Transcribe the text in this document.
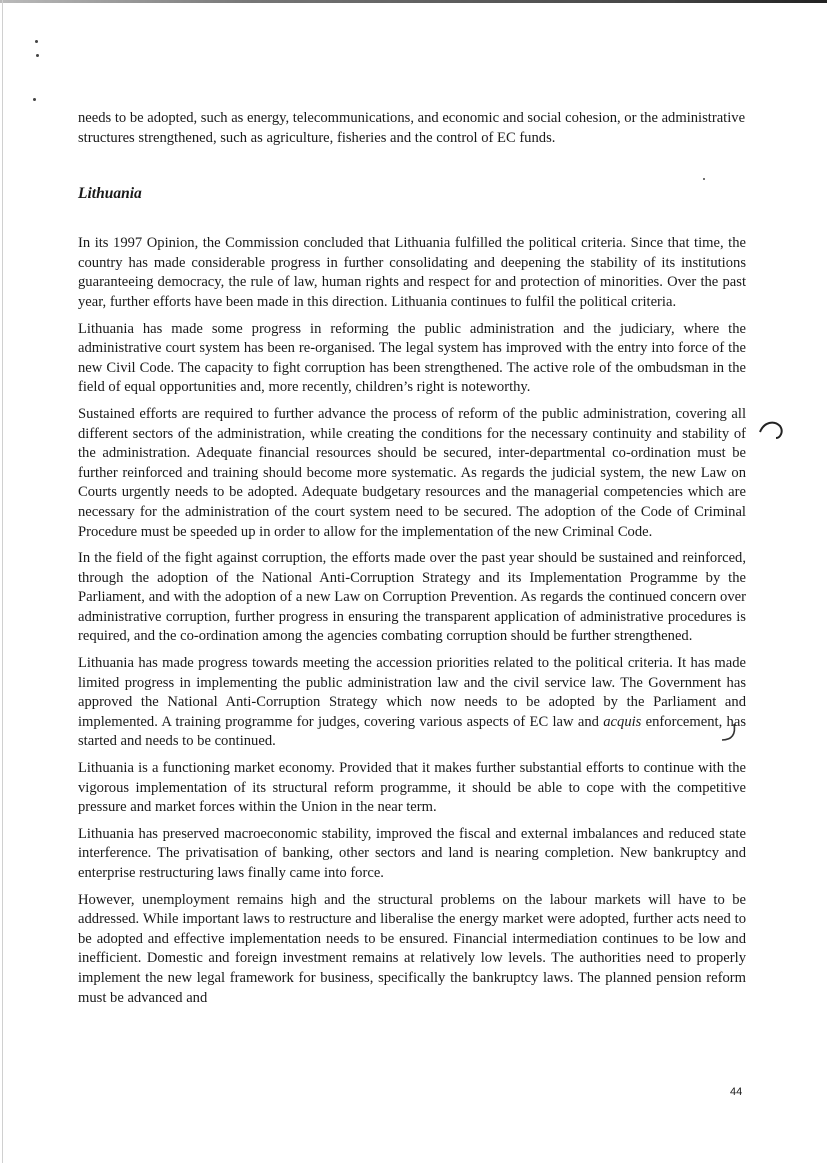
needs to be adopted, such as energy, telecommunications, and economic and social cohesion, or the administrative structures strengthened, such as agriculture, fisheries and the control of EC funds.

Lithuania

In its 1997 Opinion, the Commission concluded that Lithuania fulfilled the political criteria. Since that time, the country has made considerable progress in further consolidating and deepening the stability of its institutions guaranteeing democracy, the rule of law, human rights and respect for and protection of minorities. Over the past year, further efforts have been made in this direction. Lithuania continues to fulfil the political criteria.

Lithuania has made some progress in reforming the public administration and the judiciary, where the administrative court system has been re-organised. The legal system has improved with the entry into force of the new Civil Code. The capacity to fight corruption has been strengthened. The active role of the ombudsman in the field of equal opportunities and, more recently, children’s right is noteworthy.

Sustained efforts are required to further advance the process of reform of the public administration, covering all different sectors of the administration, while creating the conditions for the necessary continuity and stability of the administration. Adequate financial resources should be secured, inter-departmental co-ordination must be further reinforced and training should become more systematic. As regards the judicial system, the new Law on Courts urgently needs to be adopted. Adequate budgetary resources and the managerial competencies which are necessary for the administration of the court system need to be secured. The adoption of the Code of Criminal Procedure must be speeded up in order to allow for the implementation of the new Criminal Code.

In the field of the fight against corruption, the efforts made over the past year should be sustained and reinforced, through the adoption of the National Anti-Corruption Strategy and its Implementation Programme by the Parliament, and with the adoption of a new Law on Corruption Prevention. As regards the continued concern over administrative corruption, further progress in ensuring the transparent application of administrative procedures is required, and the co-ordination among the agencies combating corruption should be further strengthened.

Lithuania has made progress towards meeting the accession priorities related to the political criteria. It has made limited progress in implementing the public administration law and the civil service law. The Government has approved the National Anti-Corruption Strategy which now needs to be adopted by the Parliament and implemented. A training programme for judges, covering various aspects of EC law and acquis enforcement, has started and needs to be continued.

Lithuania is a functioning market economy. Provided that it makes further substantial efforts to continue with the vigorous implementation of its structural reform programme, it should be able to cope with the competitive pressure and market forces within the Union in the near term.

Lithuania has preserved macroeconomic stability, improved the fiscal and external imbalances and reduced state interference. The privatisation of banking, other sectors and land is nearing completion. New bankruptcy and enterprise restructuring laws finally came into force.

However, unemployment remains high and the structural problems on the labour markets will have to be addressed. While important laws to restructure and liberalise the energy market were adopted, further acts need to be adopted and effective implementation needs to be ensured. Financial intermediation continues to be low and inefficient. Domestic and foreign investment remains at relatively low levels. The authorities need to properly implement the new legal framework for business, specifically the bankruptcy laws. The planned pension reform must be advanced and

44
